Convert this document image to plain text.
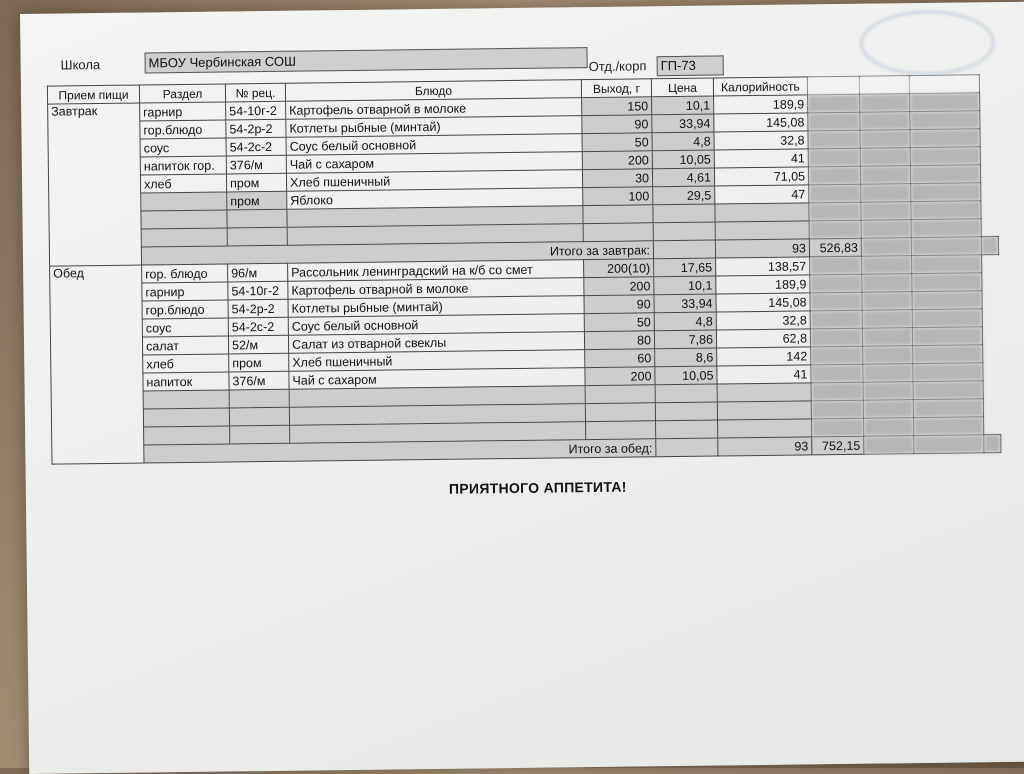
Школа	МБОУ Чербинская СОШ	Отд./корп	ГП-73
Прием пищи	Раздел	№ рец.	Блюдо	Выход, г	Цена	Калорийность				
Завтрак	гарнир	54-10г-2	Картофель отварной в молоке	150	10,1	189,9				
	гор.блюдо	54-2р-2	Котлеты рыбные (минтай)	90	33,94	145,08				
	соус	54-2с-2	Соус белый основной	50	4,8	32,8				
	напиток гор.	376/м	Чай с сахаром	200	10,05	41				
	хлеб	пром	Хлеб пшеничный	30	4,61	71,05				
		пром	Яблоко	100	29,5	47				

	Итого за завтрак:					93	526,83			
Обед	гор. блюдо	96/м	Рассольник ленинградский на к/б со смет	200(10)	17,65	138,57				
	гарнир	54-10г-2	Картофель отварной в молоке	200	10,1	189,9				
	гор.блюдо	54-2р-2	Котлеты рыбные (минтай)	90	33,94	145,08				
	соус	54-2с-2	Соус белый основной	50	4,8	32,8				
	салат	52/м	Салат из отварной свеклы	80	7,86	62,8				
	хлеб	пром	Хлеб пшеничный	60	8,6	142				
	напиток	376/м	Чай с сахаром	200	10,05	41				

	Итого за обед:					93	752,15			
ПРИЯТНОГО АППЕТИТА!
